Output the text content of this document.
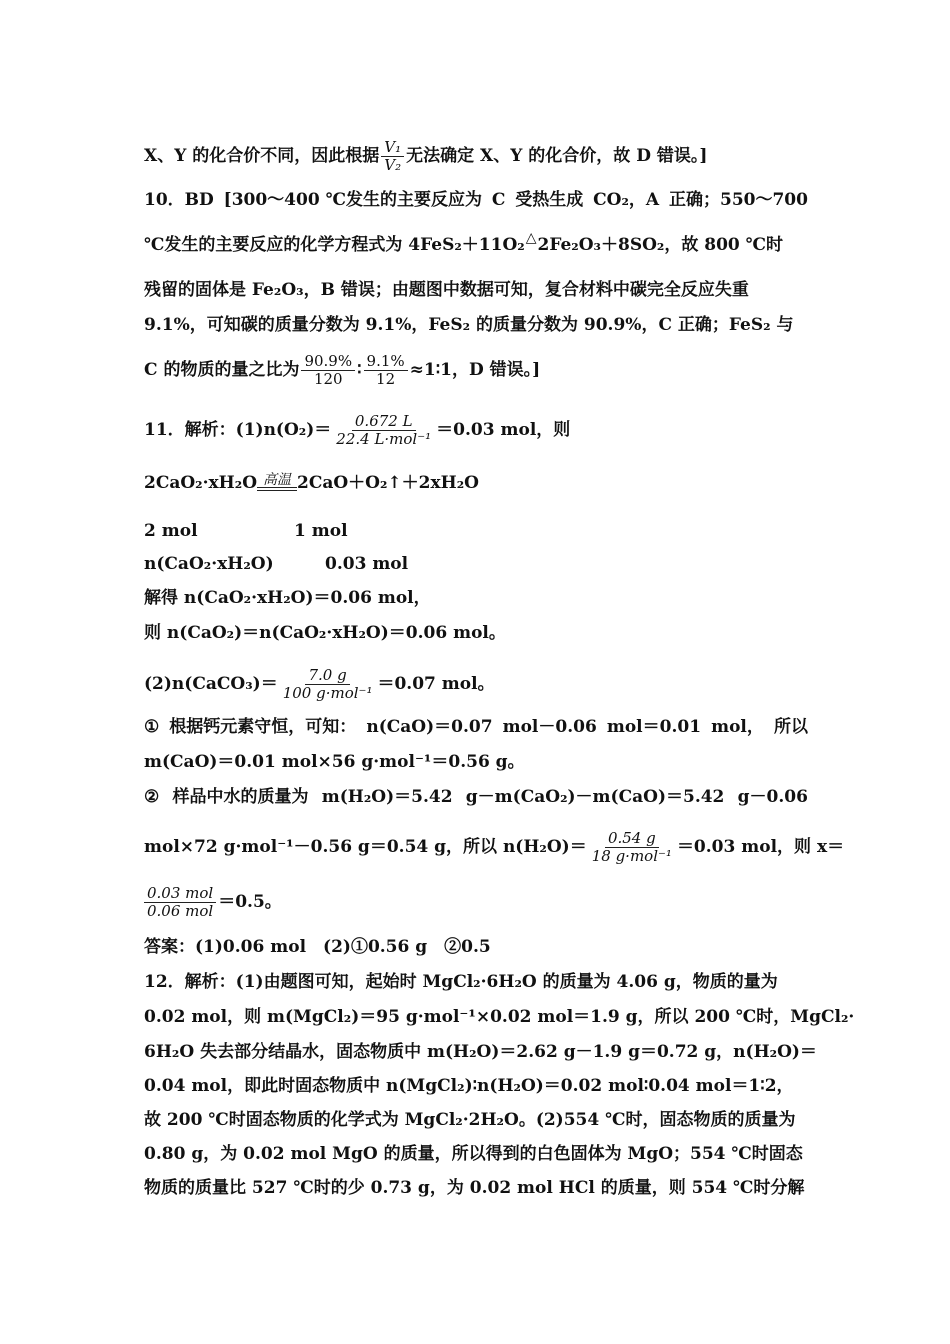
X、Y 的化合价不同，因此根据 $\frac{\text{V₁}}{\text{V₂}}$ 无法确定 X、Y 的化合价，故 D 错误。]
10．BD [300～400 ℃发生的主要反应为 C 受热生成 CO₂，A 正确；550～700
℃发生的主要反应的化学方程式为 4FeS₂＋11O₂△2Fe₂O₃＋8SO₂，故 800 ℃时
残留的固体是 Fe₂O₃，B 错误；由题图中数据可知，复合材料中碳完全反应失重
9.1%，可知碳的质量分数为 9.1%，FeS₂ 的质量分数为 90.9%，C 正确；FeS₂ 与
C 的物质的量之比为 $\frac{90.9\%}{120}$ ∶ $\frac{9.1\%}{12}$ ≈1∶1，D 错误。]
11．解析：$(1)n(O_2)= \frac{0.672 L}{\text{22.4 L·mol⁻¹}} =0.03$ mol，则
2CaO₂·xH₂O 高温 2CaO＋O₂↑＋2xH₂O
2 mol	1 mol
n(CaO₂·xH₂O)	0.03 mol
解得 n(CaO₂·xH₂O)＝0.06 mol，
则 n(CaO₂)＝n(CaO₂·xH₂O)＝0.06 mol。
(2)n(CaCO₃)＝ $\frac{7.0 g}{\text{100 g·mol⁻¹}} =0.07$ mol。
① 根据钙元素守恒，可知： n(CaO)＝0.07 mol－0.06 mol＝0.01 mol， 所以
m(CaO)＝0.01 mol×56 g·mol⁻¹＝0.56 g。
② 样品中水的质量为 m(H₂O)＝5.42 g－m(CaO₂)－m(CaO)＝5.42 g－0.06
mol×72 g·mol⁻¹－0.56 g＝0.54 g，所以 $n(H_2O)= \frac{0.54 g}{\text{18 g·mol⁻¹}} =0.03$ mol，则 x＝
$\frac{\text{0.03 mol}}{\text{0.06 mol}} =0.5$。
答案：(1)0.06 mol　(2)①0.56 g　②0.5
12．解析：(1)由题图可知，起始时 MgCl₂·6H₂O 的质量为 4.06 g，物质的量为
0.02 mol，则 m(MgCl₂)＝95 g·mol⁻¹×0.02 mol＝1.9 g，所以 200 ℃时，MgCl₂·
6H₂O 失去部分结晶水，固态物质中 m(H₂O)＝2.62 g－1.9 g＝0.72 g，n(H₂O)＝
0.04 mol，即此时固态物质中 n(MgCl₂)∶n(H₂O)＝0.02 mol∶0.04 mol＝1∶2，
故 200 ℃时固态物质的化学式为 MgCl₂·2H₂O。(2)554 ℃时，固态物质的质量为
0.80 g，为 0.02 mol MgO 的质量，所以得到的白色固体为 MgO；554 ℃时固态
物质的质量比 527 ℃时的少 0.73 g，为 0.02 mol HCl 的质量，则 554 ℃时分解
